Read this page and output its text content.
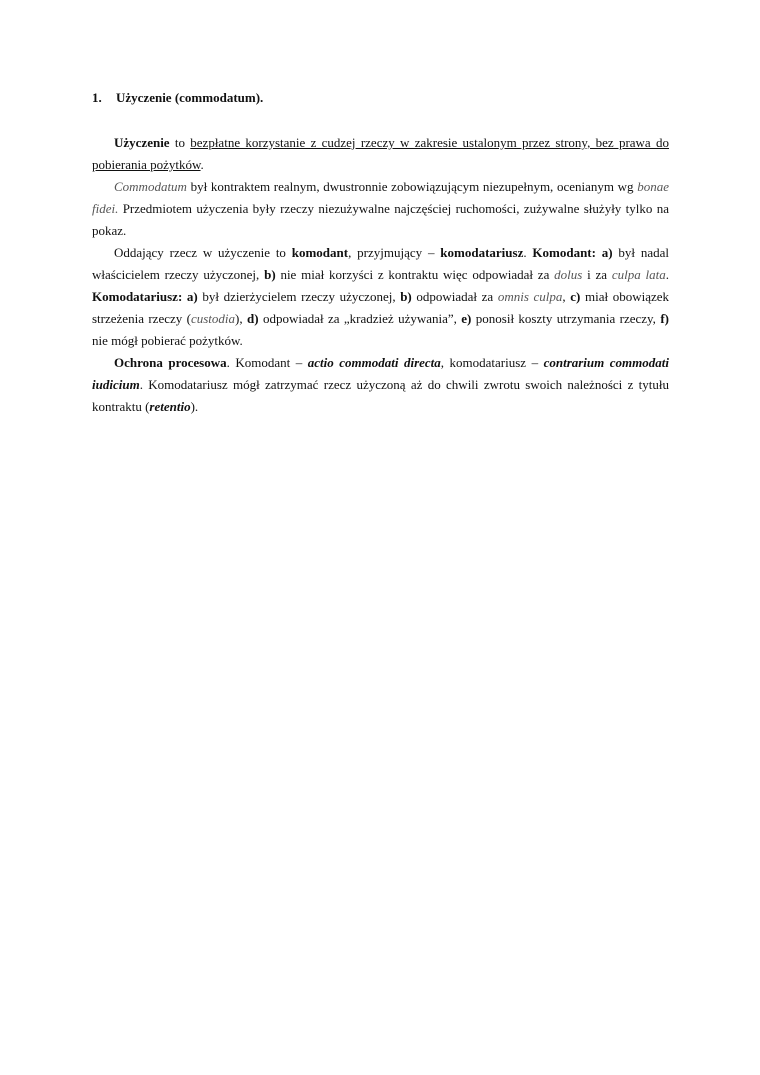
1. Użyczenie (commodatum).

Użyczenie to bezpłatne korzystanie z cudzej rzeczy w zakresie ustalonym przez strony, bez prawa do pobierania pożytków.

Commodatum był kontraktem realnym, dwustronnie zobowiązującym niezupełnym, ocenianym wg bonae fidei. Przedmiotem użyczenia były rzeczy niezużywalne najczęściej ruchomości, zużywalne służyły tylko na pokaz.

Oddający rzecz w użyczenie to komodant, przyjmujący – komodatariusz. Komodant: a) był nadal właścicielem rzeczy użyczonej, b) nie miał korzyści z kontraktu więc odpowiadał za dolus i za culpa lata. Komodatariusz: a) był dzierżycielem rzeczy użyczonej, b) odpowiadał za omnis culpa, c) miał obowiązek strzeżenia rzeczy (custodia), d) odpowiadał za „kradzież używania”, e) ponosił koszty utrzymania rzeczy, f) nie mógł pobierać pożytków.

Ochrona procesowa. Komodant – actio commodati directa, komodatariusz – contrarium commodati iudicium. Komodatariusz mógł zatrzymać rzecz użyczoną aż do chwili zwrotu swoich należności z tytułu kontraktu (retentio).
